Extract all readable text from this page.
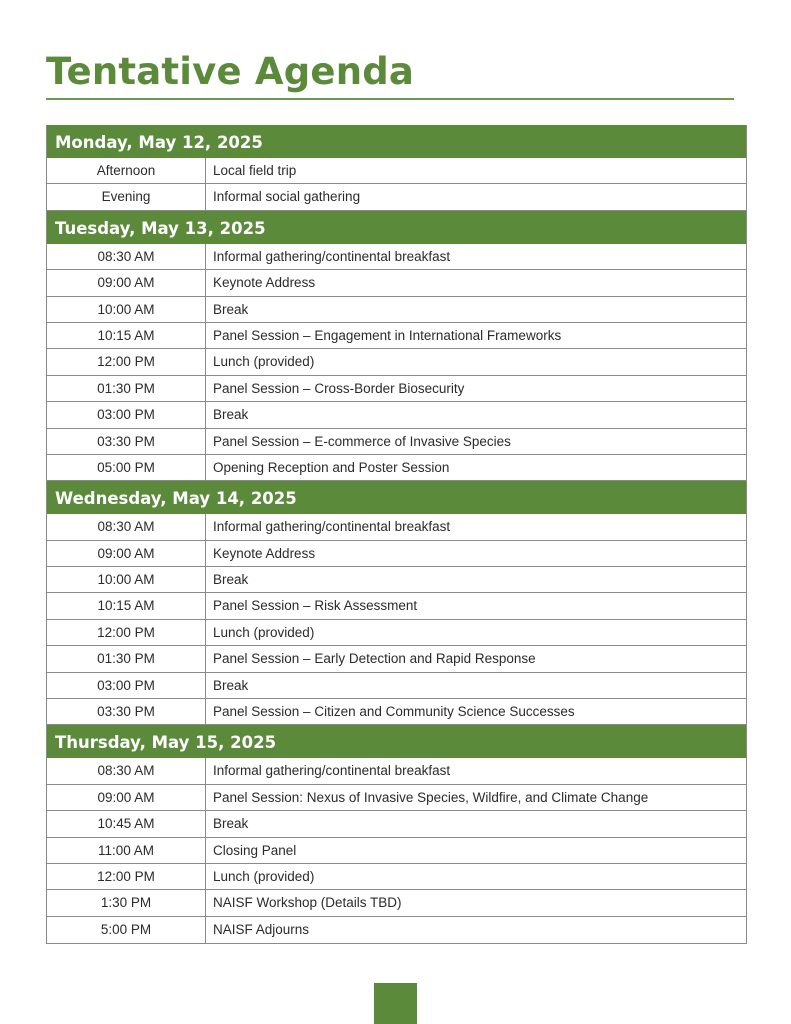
Tentative Agenda
Monday, May 12, 2025
Afternoon	Local field trip
Evening	Informal social gathering
Tuesday, May 13, 2025
08:30 AM	Informal gathering/continental breakfast
09:00 AM	Keynote Address
10:00 AM	Break
10:15 AM	Panel Session – Engagement in International Frameworks
12:00 PM	Lunch (provided)
01:30 PM	Panel Session – Cross-Border Biosecurity
03:00 PM	Break
03:30 PM	Panel Session – E-commerce of Invasive Species
05:00 PM	Opening Reception and Poster Session
Wednesday, May 14, 2025
08:30 AM	Informal gathering/continental breakfast
09:00 AM	Keynote Address
10:00 AM	Break
10:15 AM	Panel Session – Risk Assessment
12:00 PM	Lunch (provided)
01:30 PM	Panel Session – Early Detection and Rapid Response
03:00 PM	Break
03:30 PM	Panel Session – Citizen and Community Science Successes
Thursday, May 15, 2025
08:30 AM	Informal gathering/continental breakfast
09:00 AM	Panel Session: Nexus of Invasive Species, Wildfire, and Climate Change
10:45 AM	Break
11:00 AM	Closing Panel
12:00 PM	Lunch (provided)
1:30 PM	NAISF Workshop (Details TBD)
5:00 PM	NAISF Adjourns
